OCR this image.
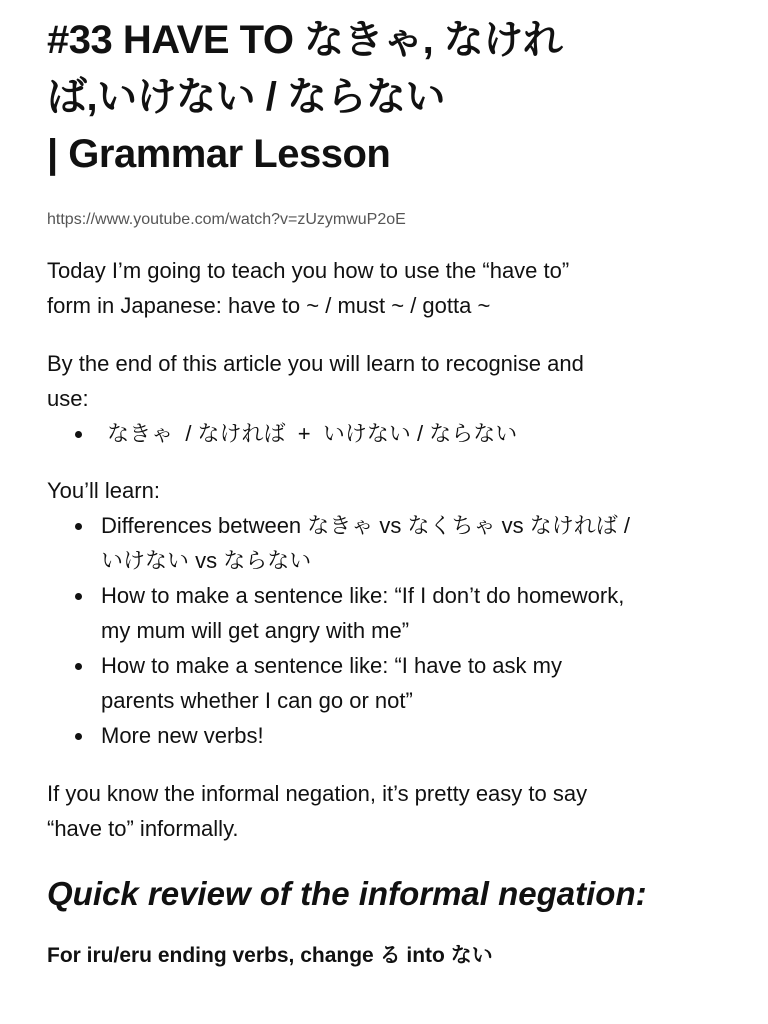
#33 HAVE TO なきゃ, なけれ
ば,いけない / ならない
| Grammar Lesson
https://www.youtube.com/watch?v=zUzymwuP2oE

Today I’m going to teach you how to use the “have to”
form in Japanese: have to ~ / must ~ / gotta ~

By the end of this article you will learn to recognise and
use:

なきゃ  / なければ  +  いけない / ならない

You’ll learn:

Differences between なきゃ vs なくちゃ vs なければ /
いけない vs ならない
How to make a sentence like: “If I don’t do homework,
my mum will get angry with me”
How to make a sentence like: “I have to ask my
parents whether I can go or not”
More new verbs!

If you know the informal negation, it’s pretty easy to say
“have to” informally.

Quick review of the informal negation:
For iru/eru ending verbs, change る into ない
